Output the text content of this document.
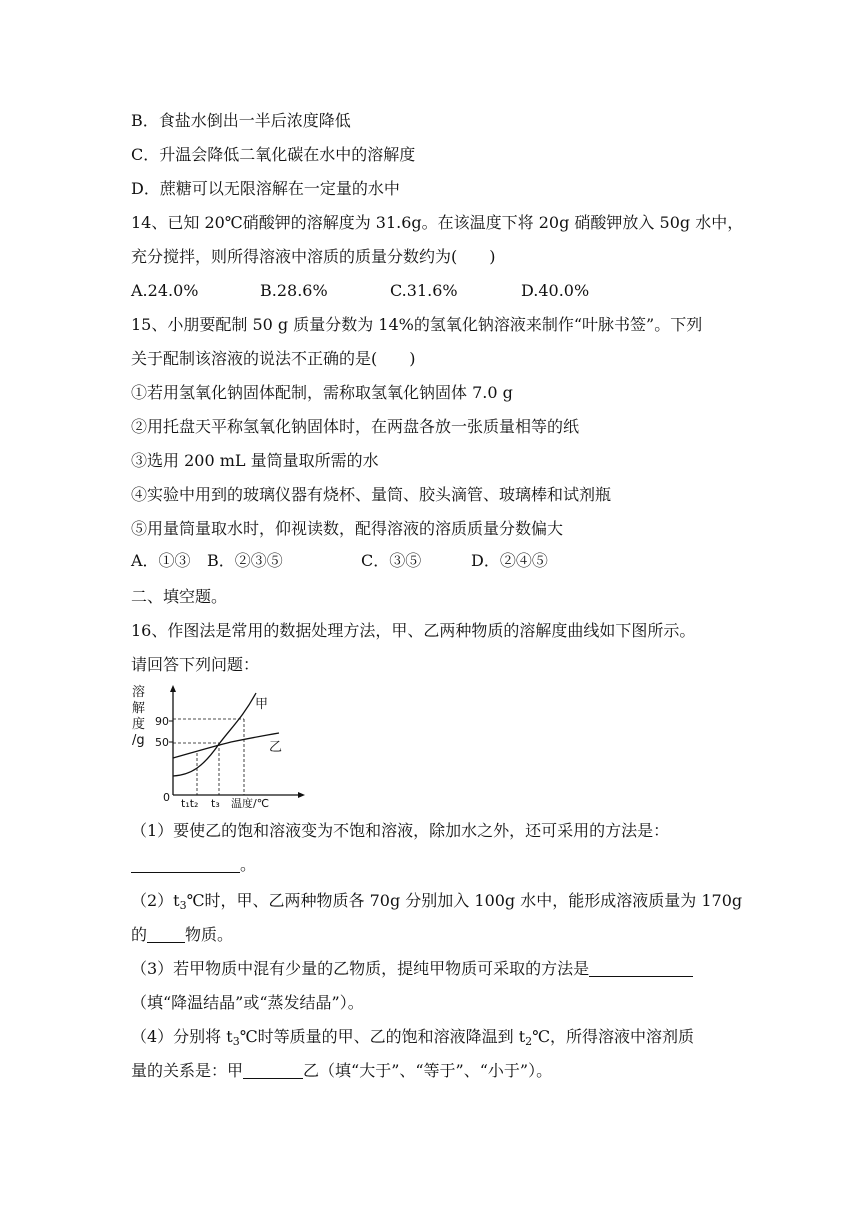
B．食盐水倒出一半后浓度降低
C．升温会降低二氧化碳在水中的溶解度
D．蔗糖可以无限溶解在一定量的水中
14、已知 20℃硝酸钾的溶解度为 31.6g。在该温度下将 20g 硝酸钾放入 50g 水中，
充分搅拌，则所得溶液中溶质的质量分数约为(　　)
A.24.0%	B.28.6%	C.31.6%	D.40.0%
15、小朋要配制 50 g 质量分数为 14%的氢氧化钠溶液来制作“叶脉书签”。下列
关于配制该溶液的说法不正确的是(　　)
①若用氢氧化钠固体配制，需称取氢氧化钠固体 7.0 g
②用托盘天平称氢氧化钠固体时，在两盘各放一张质量相等的纸
③选用 200 mL 量筒量取所需的水
④实验中用到的玻璃仪器有烧杯、量筒、胶头滴管、玻璃棒和试剂瓶
⑤用量筒量取水时，仰视读数，配得溶液的溶质质量分数偏大
A．①③ B．②③⑤	C．③⑤	D．②④⑤
二、填空题。
16、作图法是常用的数据处理方法，甲、乙两种物质的溶解度曲线如下图所示。
请回答下列问题：
溶
解
度
/g
90
50
0
甲
乙
t₁t₂ t₃ 温度/℃
（1）要使乙的饱和溶液变为不饱和溶液，除加水之外，还可采用的方法是：
。
$(2)t_3℃$时，甲、乙两种物质各 70g 分别加入 100g 水中，能形成溶液质量为 170g
的 物质。
（3）若甲物质中混有少量的乙物质，提纯甲物质可采取的方法是
（填“降温结晶”或“蒸发结晶”）。
（4）分别将 $t_3℃$时等质量的甲、乙的饱和溶液降温到 $t_2℃$，所得溶液中溶剂质
量的关系是：甲	乙（填“大于”、“等于”、“小于”）。
